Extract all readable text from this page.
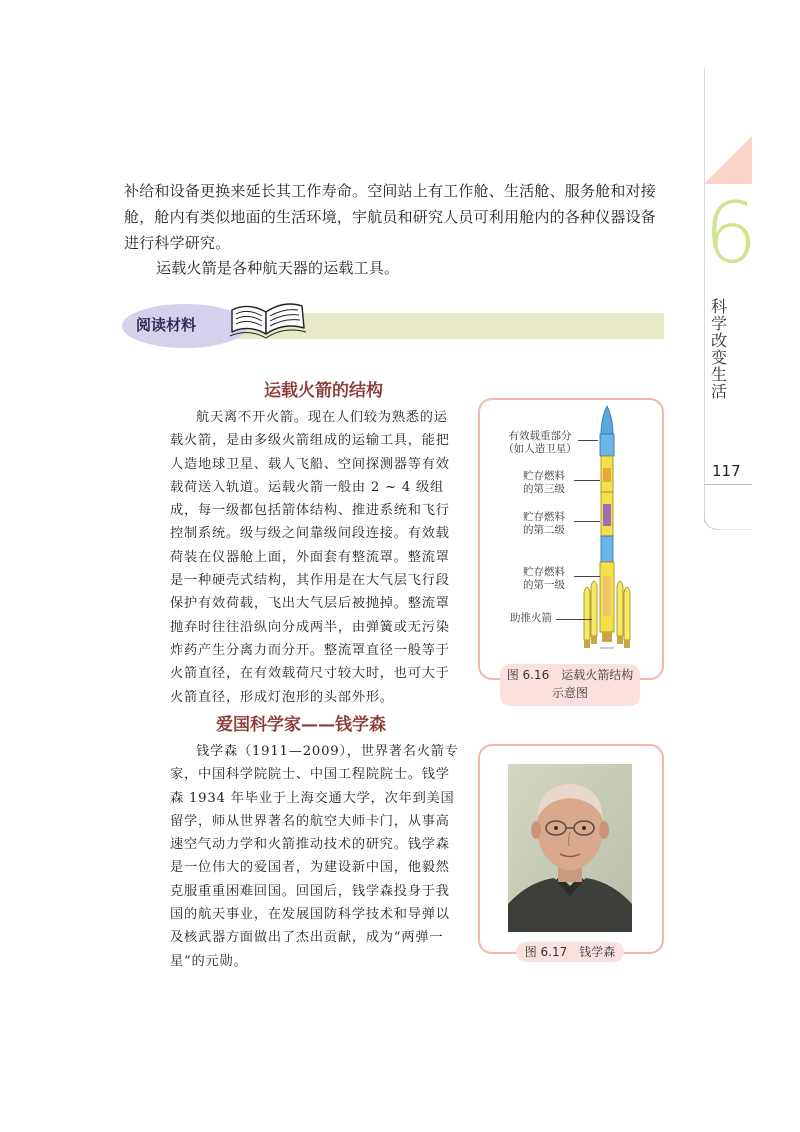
6
科学改变生活
117
补给和设备更换来延长其工作寿命。空间站上有工作舱、生活舱、服务舱和对接舱，舱内有类似地面的生活环境，宇航员和研究人员可利用舱内的各种仪器设备进行科学研究。
运载火箭是各种航天器的运载工具。
阅读材料
运载火箭的结构
航天离不开火箭。现在人们较为熟悉的运载火箭，是由多级火箭组成的运输工具，能把人造地球卫星、载人飞船、空间探测器等有效载荷送入轨道。运载火箭一般由 2 ~ 4 级组成，每一级都包括箭体结构、推进系统和飞行控制系统。级与级之间靠级间段连接。有效载荷装在仪器舱上面，外面套有整流罩。整流罩是一种硬壳式结构，其作用是在大气层飞行段保护有效荷载，飞出大气层后被抛掉。整流罩抛弃时往往沿纵向分成两半，由弹簧或无污染炸药产生分离力而分开。整流罩直径一般等于火箭直径，在有效载荷尺寸较大时，也可大于火箭直径，形成灯泡形的头部外形。
有效载重部分
（如人造卫星）
贮存燃料
的第三级
贮存燃料
的第二级
贮存燃料
的第一级
助推火箭
图 6.16　运载火箭结构
示意图
爱国科学家——钱学森
钱学森（1911—2009），世界著名火箭专家，中国科学院院士、中国工程院院士。钱学森 1934 年毕业于上海交通大学，次年到美国留学，师从世界著名的航空大师卡门，从事高速空气动力学和火箭推动技术的研究。钱学森是一位伟大的爱国者，为建设新中国，他毅然克服重重困难回国。回国后，钱学森投身于我国的航天事业，在发展国防科学技术和导弹以及核武器方面做出了杰出贡献，成为“两弹一星”的元勋。
图 6.17　钱学森
